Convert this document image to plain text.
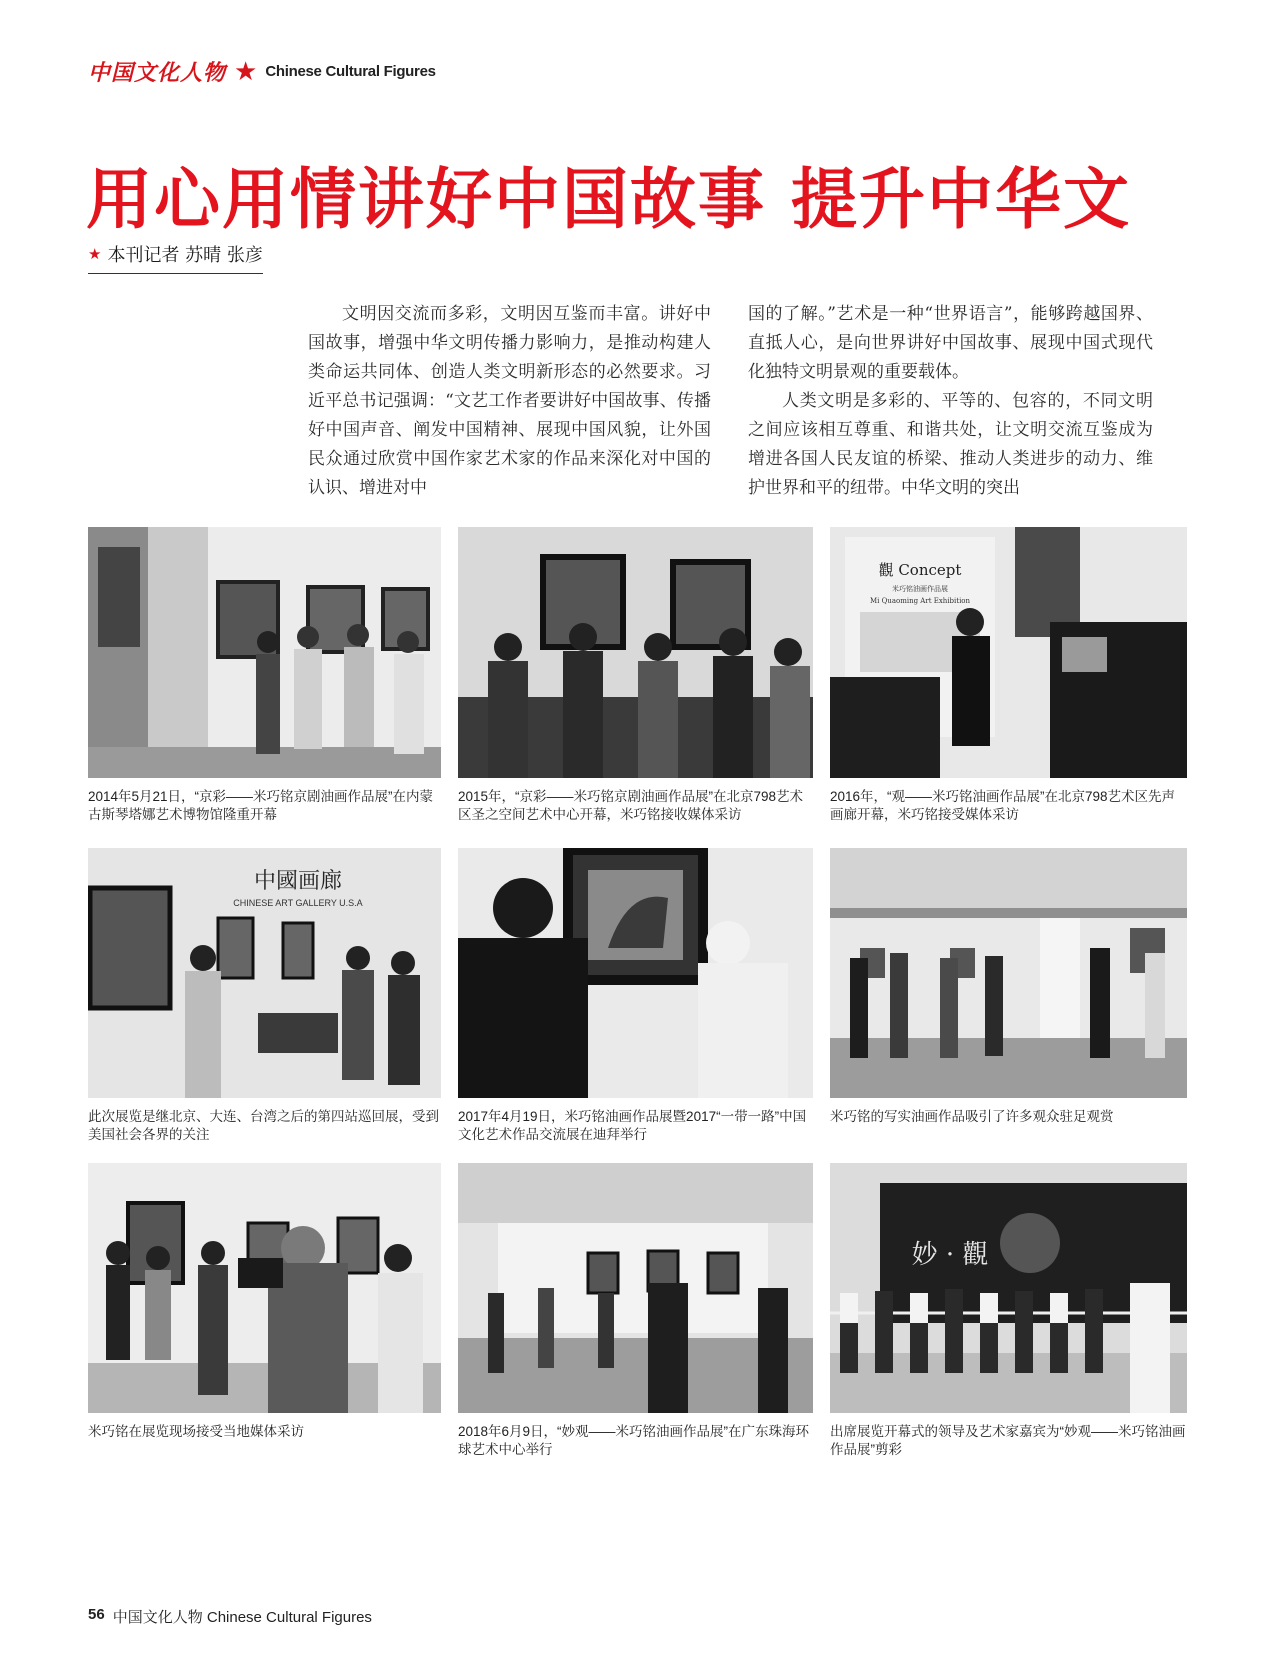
中国文化人物 ★ Chinese Cultural Figures
用心用情讲好中国故事 提升中华文
★ 本刊记者 苏晴 张彦

文明因交流而多彩，文明因互鉴而丰富。讲好中国故事，增强中华文明传播力影响力，是推动构建人类命运共同体、创造人类文明新形态的必然要求。习近平总书记强调：“文艺工作者要讲好中国故事、传播好中国声音、阐发中国精神、展现中国风貌，让外国民众通过欣赏中国作家艺术家的作品来深化对中国的认识、增进对中

国的了解。”艺术是一种“世界语言”，能够跨越国界、直抵人心，是向世界讲好中国故事、展现中国式现代化独特文明景观的重要载体。

人类文明是多彩的、平等的、包容的，不同文明之间应该相互尊重、和谐共处，让文明交流互鉴成为增进各国人民友谊的桥梁、推动人类进步的动力、维护世界和平的纽带。中华文明的突出

2014年5月21日，“京彩——米巧铭京剧油画作品展”在内蒙古斯琴塔娜艺术博物馆隆重开幕

2015年，“京彩——米巧铭京剧油画作品展”在北京798艺术区圣之空间艺术中心开幕，米巧铭接收媒体采访

觀 Concept
米巧铭油画作品展
Mi Quaoming Art Exhibition

2016年，“观——米巧铭油画作品展”在北京798艺术区先声画廊开幕，米巧铭接受媒体采访

中國画廊
CHINESE ART GALLERY U.S.A

此次展览是继北京、大连、台湾之后的第四站巡回展，受到美国社会各界的关注

2017年4月19日，米巧铭油画作品展暨2017“一带一路”中国文化艺术作品交流展在迪拜举行

米巧铭的写实油画作品吸引了许多观众驻足观赏

米巧铭在展览现场接受当地媒体采访	2018年6月9日，“妙观——米巧铭油画作品展”在广东珠海环球艺术中心举行

妙 · 觀

出席展览开幕式的领导及艺术家嘉宾为“妙观——米巧铭油画作品展”剪彩

56 中国文化人物 Chinese Cultural Figures
